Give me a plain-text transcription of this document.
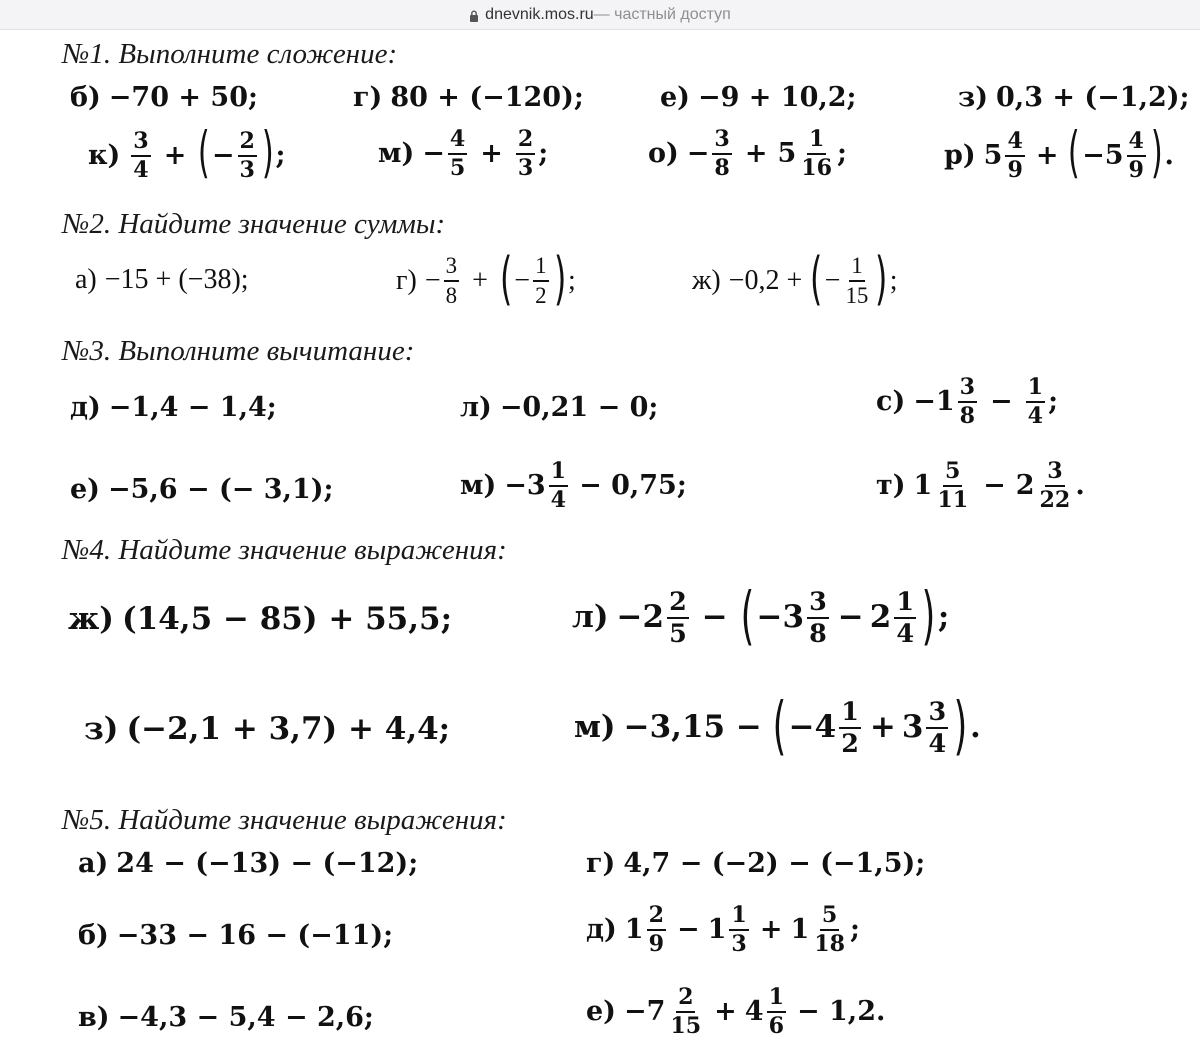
dnevnik.mos.ru — частный доступ
№1. Выполните сложение:
б) −70 + 50;	г) 80 + (−120);	е) −9 + 10,2;	з) 0,3 + (−1,2);
$к) \frac{3}{4}$ + ( − $\frac{2}{3}$ ) ;	$м) - \frac{4}{5} + \frac{2}{3}$ ;	$о) - \frac{3}{8} + 5 \frac{1}{16}$ ;	р) $5 \frac{4}{9}$ + ( $-5 \frac{4}{9}$ ) .
№2. Найдите значение суммы:
а) −15 + (−38);	$г) - \frac{3}{8}$ + ( − $\frac{1}{2}$ ) ;	ж) −0,2 + ( − $\frac{1}{15}$ ) ;
№3. Выполните вычитание:
д) −1,4 − 1,4;	л) −0,21 − 0;	$с) -1 \frac{3}{8} - \frac{1}{4}$ ;
е) −5,6 − (− 3,1);	$м) -3 \frac{1}{4} - 0,75$;	т) $1 \frac{5}{11} - 2 \frac{3}{22}$ .
№4. Найдите значение выражения:
ж) (14,5 − 85) + 55,5;	$л) -2 \frac{2}{5}$ − ( $-3 \frac{3}{8} - 2 \frac{1}{4}$ ) ;
з) (−2,1 + 3,7) + 4,4;	м) −3,15 − ( $-4 \frac{1}{2} + 3 \frac{3}{4}$ ) .
№5. Найдите значение выражения:
а) 24 − (−13) − (−12);	г) 4,7 − (−2) − (−1,5);
б) −33 − 16 − (−11);	д) $1 \frac{2}{9} - 1 \frac{1}{3} + 1 \frac{5}{18}$ ;
в) −4,3 − 5,4 − 2,6;	$е) -7 \frac{2}{15} + 4 \frac{1}{6} - 1,2$.
